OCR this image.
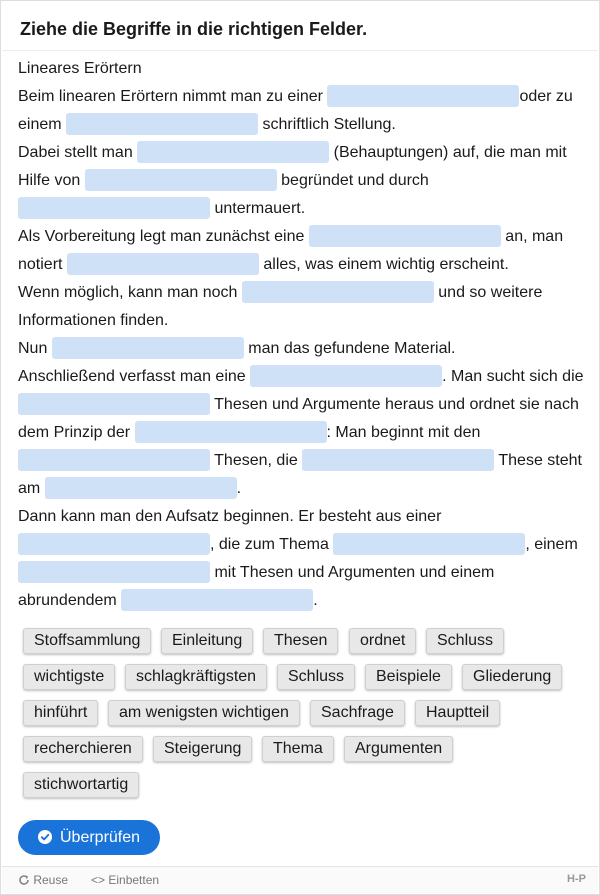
Ziehe die Begriffe in die richtigen Felder.
Lineares Erörtern
Beim linearen Erörtern nimmt man zu einer	oder zu einem	schriftlich Stellung.
Dabei stellt man	(Behauptungen) auf, die man mit Hilfe von	begründet und durch  untermauert.
Als Vorbereitung legt man zunächst eine	an, man notiert	alles, was einem wichtig erscheint.
Wenn möglich, kann man noch	und so weitere Informationen finden.
Nun	man das gefundene Material.
Anschließend verfasst man eine	. Man sucht sich die  Thesen und Argumente heraus und ordnet sie nach dem Prinzip der	: Man beginnt mit den  Thesen, die	These steht am	.
Dann kann man den Aufsatz beginnen. Er besteht aus einer , die zum Thema	, einem  mit Thesen und Argumenten und einem abrundendem	.
Stoffsammlung	Einleitung	Thesen	ordnet	Schluss
wichtigste	schlagkräftigsten	Schluss	Beispiele	Gliederung
hinführt	am wenigsten wichtigen	Sachfrage	Hauptteil
recherchieren	Steigerung	Thema	Argumenten
stichwortartig
Überprüfen
Reuse <> Einbetten	H-P
